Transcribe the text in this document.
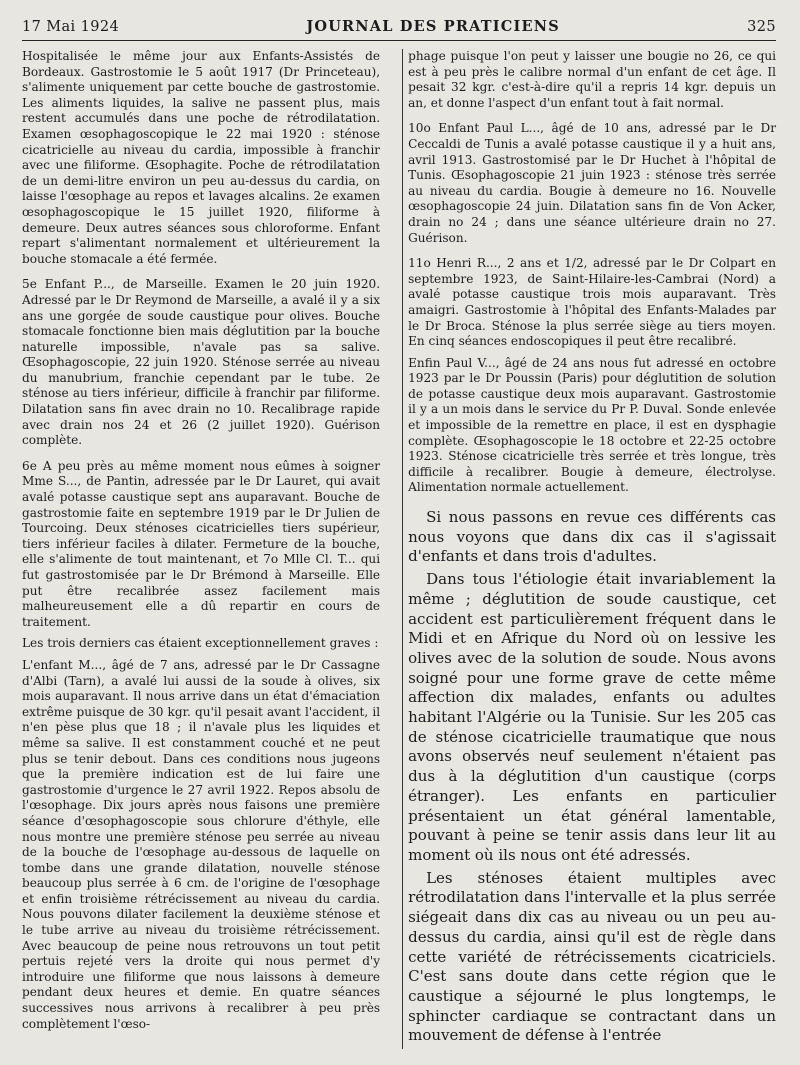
17 Mai 1924	JOURNAL DES PRATICIENS	325

Hospitalisée le même jour aux Enfants-Assistés de Bordeaux. Gastrostomie le 5 août 1917 (Dr Princeteau), s'alimente uniquement par cette bouche de gastrostomie. Les aliments liquides, la salive ne passent plus, mais restent accumulés dans une poche de rétrodilatation. Examen œsophagoscopique le 22 mai 1920 : sténose cicatricielle au niveau du cardia, impossible à franchir avec une filiforme. Œsophagite. Poche de rétrodilatation de un demi-litre environ un peu au-dessus du cardia, on laisse l'œsophage au repos et lavages alcalins. 2e examen œsophagoscopique le 15 juillet 1920, filiforme à demeure. Deux autres séances sous chloroforme. Enfant repart s'alimentant normalement et ultérieurement la bouche stomacale a été fermée.

5e Enfant P..., de Marseille. Examen le 20 juin 1920. Adressé par le Dr Reymond de Marseille, a avalé il y a six ans une gorgée de soude caustique pour olives. Bouche stomacale fonctionne bien mais déglutition par la bouche naturelle impossible, n'avale pas sa salive. Œsophagoscopie, 22 juin 1920. Sténose serrée au niveau du manubrium, franchie cependant par le tube. 2e sténose au tiers inférieur, difficile à franchir par filiforme. Dilatation sans fin avec drain no 10. Recalibrage rapide avec drain nos 24 et 26 (2 juillet 1920). Guérison complète.

6e A peu près au même moment nous eûmes à soigner Mme S..., de Pantin, adressée par le Dr Lauret, qui avait avalé potasse caustique sept ans auparavant. Bouche de gastrostomie faite en septembre 1919 par le Dr Julien de Tourcoing. Deux sténoses cicatricielles tiers supérieur, tiers inférieur faciles à dilater. Fermeture de la bouche, elle s'alimente de tout maintenant, et 7o Mlle Cl. T... qui fut gastrostomisée par le Dr Brémond à Marseille. Elle put être recalibrée assez facilement mais malheureusement elle a dû repartir en cours de traitement.

Les trois derniers cas étaient exceptionnellement graves :

L'enfant M..., âgé de 7 ans, adressé par le Dr Cassagne d'Albi (Tarn), a avalé lui aussi de la soude à olives, six mois auparavant. Il nous arrive dans un état d'émaciation extrême puisque de 30 kgr. qu'il pesait avant l'accident, il n'en pèse plus que 18 ; il n'avale plus les liquides et même sa salive. Il est constamment couché et ne peut plus se tenir debout. Dans ces conditions nous jugeons que la première indication est de lui faire une gastrostomie d'urgence le 27 avril 1922. Repos absolu de l'œsophage. Dix jours après nous faisons une première séance d'œsophagoscopie sous chlorure d'éthyle, elle nous montre une première sténose peu serrée au niveau de la bouche de l'œsophage au-dessous de laquelle on tombe dans une grande dilatation, nouvelle sténose beaucoup plus serrée à 6 cm. de l'origine de l'œsophage et enfin troisième rétrécissement au niveau du cardia. Nous pouvons dilater facilement la deuxième sténose et le tube arrive au niveau du troisième rétrécissement. Avec beaucoup de peine nous retrouvons un tout petit pertuis rejeté vers la droite qui nous permet d'y introduire une filiforme que nous laissons à demeure pendant deux heures et demie. En quatre séances successives nous arrivons à recalibrer à peu près complètement l'œso-

phage puisque l'on peut y laisser une bougie no 26, ce qui est à peu près le calibre normal d'un enfant de cet âge. Il pesait 32 kgr. c'est-à-dire qu'il a repris 14 kgr. depuis un an, et donne l'aspect d'un enfant tout à fait normal.

10o Enfant Paul L..., âgé de 10 ans, adressé par le Dr Ceccaldi de Tunis a avalé potasse caustique il y a huit ans, avril 1913. Gastrostomisé par le Dr Huchet à l'hôpital de Tunis. Œsophagoscopie 21 juin 1923 : sténose très serrée au niveau du cardia. Bougie à demeure no 16. Nouvelle œsophagoscopie 24 juin. Dilatation sans fin de Von Acker, drain no 24 ; dans une séance ultérieure drain no 27. Guérison.

11o Henri R..., 2 ans et 1/2, adressé par le Dr Colpart en septembre 1923, de Saint-Hilaire-les-Cambrai (Nord) a avalé potasse caustique trois mois auparavant. Très amaigri. Gastrostomie à l'hôpital des Enfants-Malades par le Dr Broca. Sténose la plus serrée siège au tiers moyen. En cinq séances endoscopiques il peut être recalibré.

Enfin Paul V..., âgé de 24 ans nous fut adressé en octobre 1923 par le Dr Poussin (Paris) pour déglutition de solution de potasse caustique deux mois auparavant. Gastrostomie il y a un mois dans le service du Pr P. Duval. Sonde enlevée et impossible de la remettre en place, il est en dysphagie complète. Œsophagoscopie le 18 octobre et 22-25 octobre 1923. Sténose cicatricielle très serrée et très longue, très difficile à recalibrer. Bougie à demeure, électrolyse. Alimentation normale actuellement.

Si nous passons en revue ces différents cas nous voyons que dans dix cas il s'agissait d'enfants et dans trois d'adultes.

Dans tous l'étiologie était invariablement la même ; déglutition de soude caustique, cet accident est particulièrement fréquent dans le Midi et en Afrique du Nord où on lessive les olives avec de la solution de soude. Nous avons soigné pour une forme grave de cette même affection dix malades, enfants ou adultes habitant l'Algérie ou la Tunisie. Sur les 205 cas de sténose cicatricielle traumatique que nous avons observés neuf seulement n'étaient pas dus à la déglutition d'un caustique (corps étranger). Les enfants en particulier présentaient un état général lamentable, pouvant à peine se tenir assis dans leur lit au moment où ils nous ont été adressés.

Les sténoses étaient multiples avec rétrodilatation dans l'intervalle et la plus serrée siégeait dans dix cas au niveau ou un peu au-dessus du cardia, ainsi qu'il est de règle dans cette variété de rétrécissements cicatriciels. C'est sans doute dans cette région que le caustique a séjourné le plus longtemps, le sphincter cardiaque se contractant dans un mouvement de défense à l'entrée
